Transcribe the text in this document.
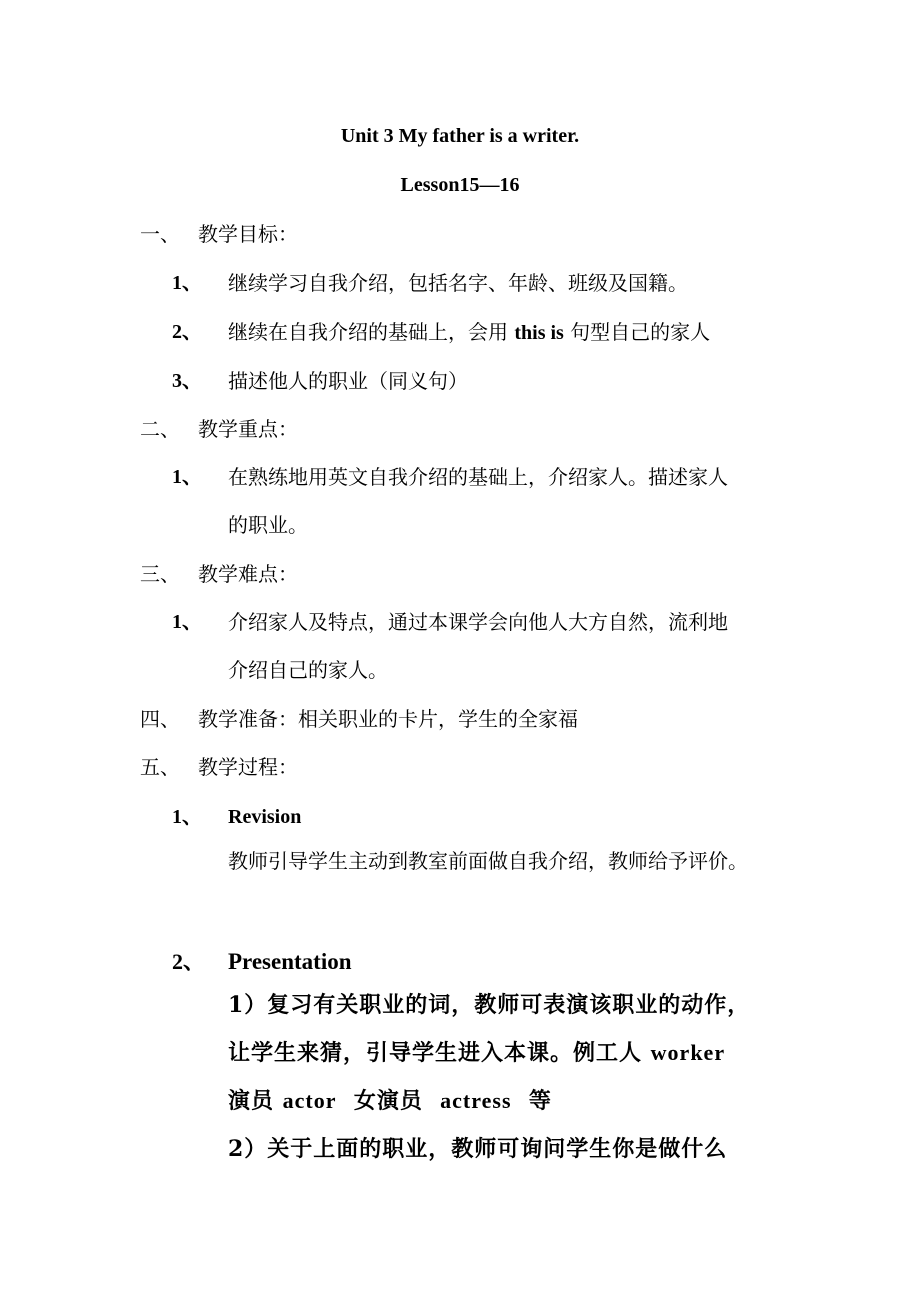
Unit 3 My father is a writer.
Lesson15—16
一、 教学目标：
1、 继续学习自我介绍，包括名字、年龄、班级及国籍。
2、 继续在自我介绍的基础上，会用 this is 句型自己的家人
3、 描述他人的职业（同义句）
二、 教学重点：
1、 在熟练地用英文自我介绍的基础上，介绍家人。描述家人
的职业。
三、 教学难点：
1、 介绍家人及特点，通过本课学会向他人大方自然，流利地
介绍自己的家人。
四、 教学准备：相关职业的卡片，学生的全家福
五、 教学过程：
1、 Revision
教师引导学生主动到教室前面做自我介绍，教师给予评价。
2、 Presentation
1）复习有关职业的词，教师可表演该职业的动作，
让学生来猜，引导学生进入本课。例工人 worker
演员 actor  女演员  actress  等
2）关于上面的职业，教师可询问学生你是做什么
